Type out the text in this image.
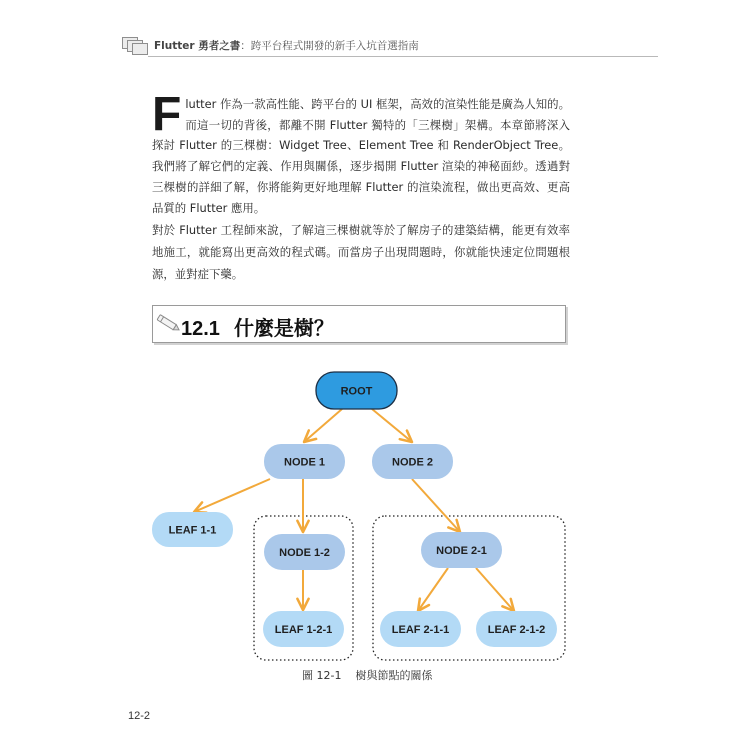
Flutter 勇者之書：跨平台程式開發的新手入坑首選指南
Flutter 作為一款高性能、跨平台的 UI 框架，高效的渲染性能是廣為人知的。而這一切的背後，都離不開 Flutter 獨特的「三棵樹」架構。本章節將深入探討 Flutter 的三棵樹：Widget Tree、Element Tree 和 RenderObject Tree。我們將了解它們的定義、作用與關係，逐步揭開 Flutter 渲染的神秘面紗。透過對三棵樹的詳細了解，你將能夠更好地理解 Flutter 的渲染流程，做出更高效、更高品質的 Flutter 應用。
對於 Flutter 工程師來說，了解這三棵樹就等於了解房子的建築結構，能更有效率地施工，就能寫出更高效的程式碼。而當房子出現問題時，你就能快速定位問題根源，並對症下藥。
12.1 什麼是樹？
ROOT
NODE 1	NODE 2
LEAF 1-1
NODE 1-2	NODE 2-1
LEAF 1-2-1	LEAF 2-1-1	LEAF 2-1-2
圖 12-1 樹與節點的關係
12-2
